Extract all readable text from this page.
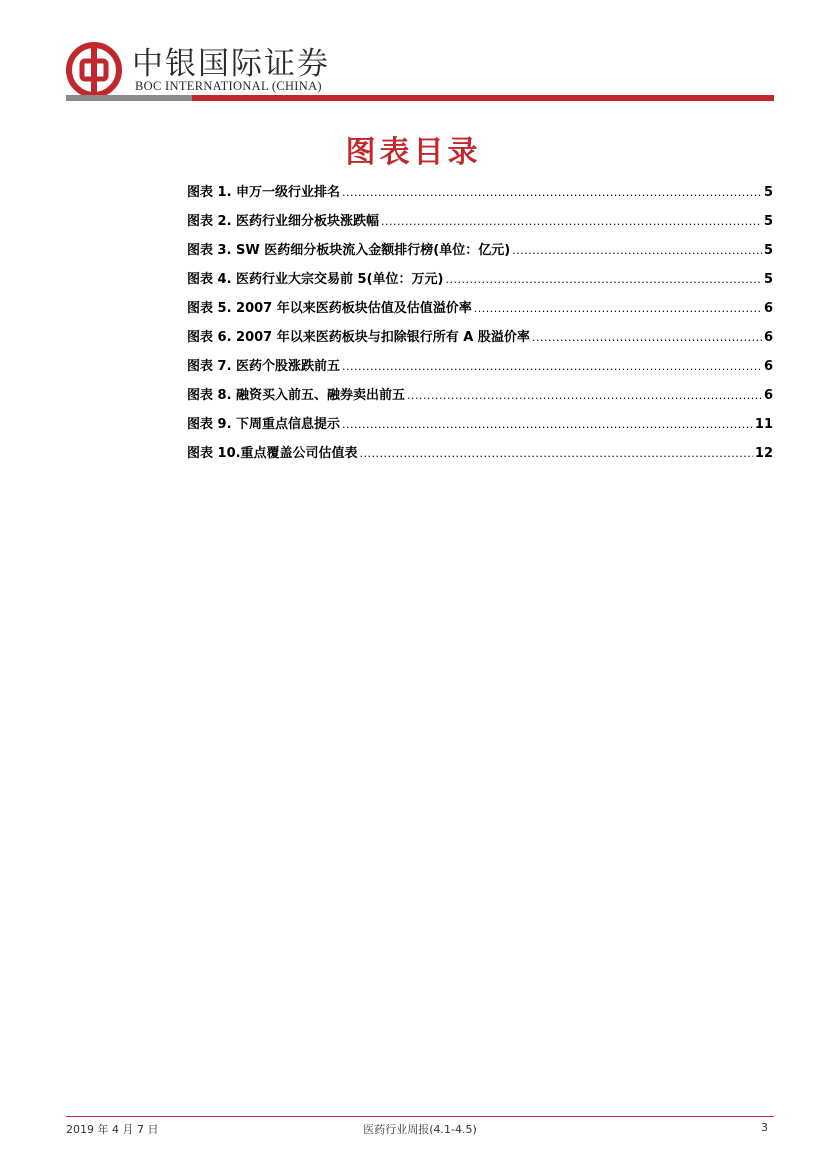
中银国际证券
BOC INTERNATIONAL (CHINA)
图表目录
图表 1. 申万一级行业排名 .....	5
图表 2. 医药行业细分板块涨跌幅 .....	5
图表 3. SW 医药细分板块流入金额排行榜(单位：亿元) .....	5
图表 4. 医药行业大宗交易前 5(单位：万元) .....	5
图表 5. 2007 年以来医药板块估值及估值溢价率 .....	6
图表 6. 2007 年以来医药板块与扣除银行所有 A 股溢价率 .....	6
图表 7. 医药个股涨跌前五 .....	6
图表 8. 融资买入前五、融券卖出前五 .....	6
图表 9. 下周重点信息提示 .....	11
图表 10.重点覆盖公司估值表 .....	12
2019 年 4 月 7 日	医药行业周报(4.1-4.5)	3
